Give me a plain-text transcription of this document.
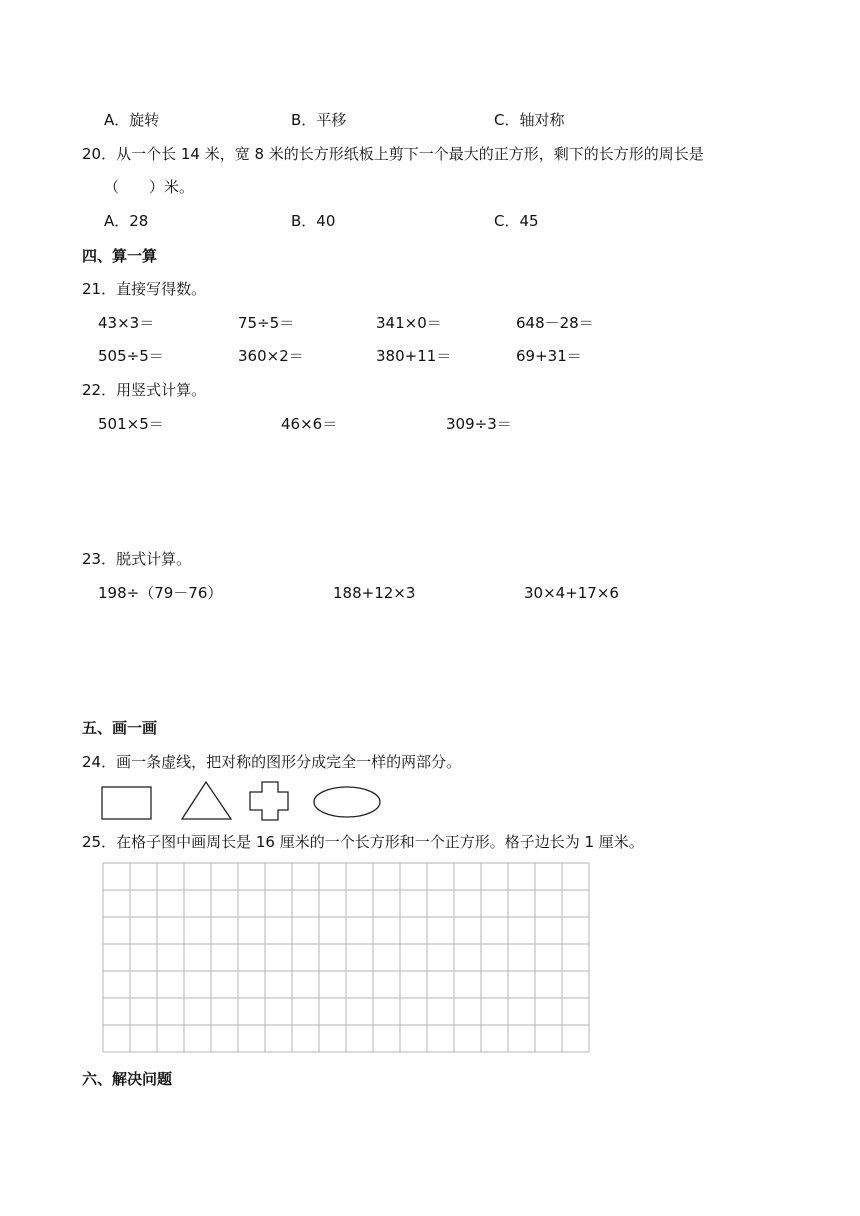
A．旋转	B．平移	C．轴对称
20．从一个长 14 米，宽 8 米的长方形纸板上剪下一个最大的正方形，剩下的长方形的周长是
（　　）米。
A．28	B．40	C．45
四、算一算
21．直接写得数。
43×3＝	75÷5＝	341×0＝	648－28＝
505÷5＝	360×2＝	380+11＝	69+31＝
22．用竖式计算。
501×5＝	46×6＝	309÷3＝
23．脱式计算。
198÷（79－76）	188+12×3	30×4+17×6
五、画一画
24．画一条虚线，把对称的图形分成完全一样的两部分。
25．在格子图中画周长是 16 厘米的一个长方形和一个正方形。格子边长为 1 厘米。
六、解决问题
